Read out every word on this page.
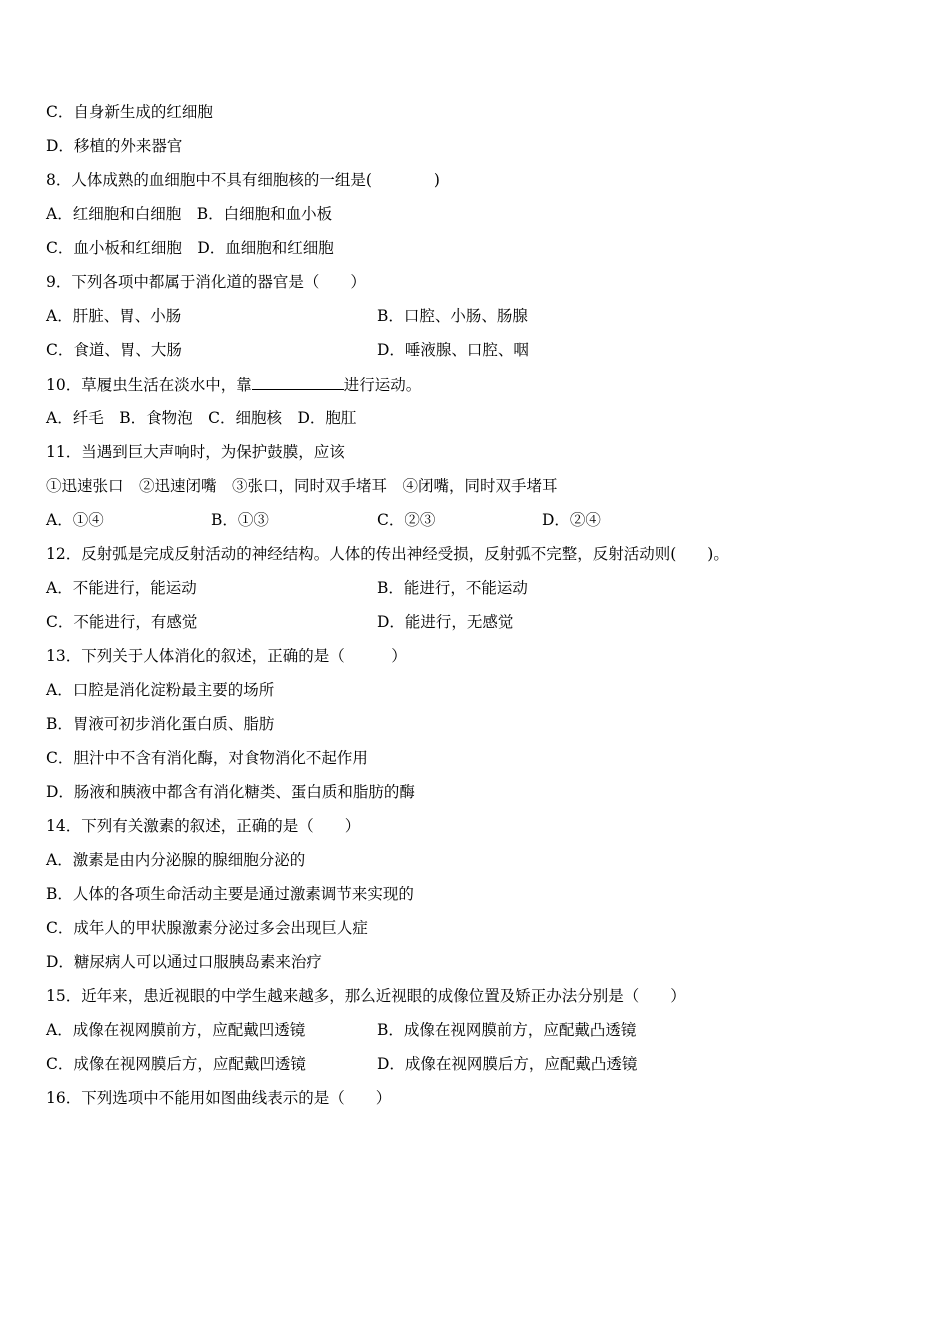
C．自身新生成的红细胞
D．移植的外来器官
8．人体成熟的血细胞中不具有细胞核的一组是(　　　　)
A．红细胞和白细胞　B．白细胞和血小板
C．血小板和红细胞　D．血细胞和红细胞
9．下列各项中都属于消化道的器官是（　　）
A．肝脏、胃、小肠	B．口腔、小肠、肠腺
C．食道、胃、大肠	D．唾液腺、口腔、咽
10．草履虫生活在淡水中，靠	进行运动。
A．纤毛　B．食物泡　C．细胞核　D．胞肛
11．当遇到巨大声响时，为保护鼓膜，应该
①迅速张口　②迅速闭嘴　③张口，同时双手堵耳　④闭嘴，同时双手堵耳
A．①④	B．①③	C．②③	D．②④
12．反射弧是完成反射活动的神经结构。人体的传出神经受损，反射弧不完整，反射活动则(　　)。
A．不能进行，能运动	B．能进行，不能运动
C．不能进行，有感觉	D．能进行，无感觉
13．下列关于人体消化的叙述，正确的是（　　　）
A．口腔是消化淀粉最主要的场所
B．胃液可初步消化蛋白质、脂肪
C．胆汁中不含有消化酶，对食物消化不起作用
D．肠液和胰液中都含有消化糖类、蛋白质和脂肪的酶
14．下列有关激素的叙述，正确的是（　　）
A．激素是由内分泌腺的腺细胞分泌的
B．人体的各项生命活动主要是通过激素调节来实现的
C．成年人的甲状腺激素分泌过多会出现巨人症
D．糖尿病人可以通过口服胰岛素来治疗
15．近年来，患近视眼的中学生越来越多，那么近视眼的成像位置及矫正办法分别是（　　）
A．成像在视网膜前方，应配戴凹透镜	B．成像在视网膜前方，应配戴凸透镜
C．成像在视网膜后方，应配戴凹透镜	D．成像在视网膜后方，应配戴凸透镜
16．下列选项中不能用如图曲线表示的是（　　）
